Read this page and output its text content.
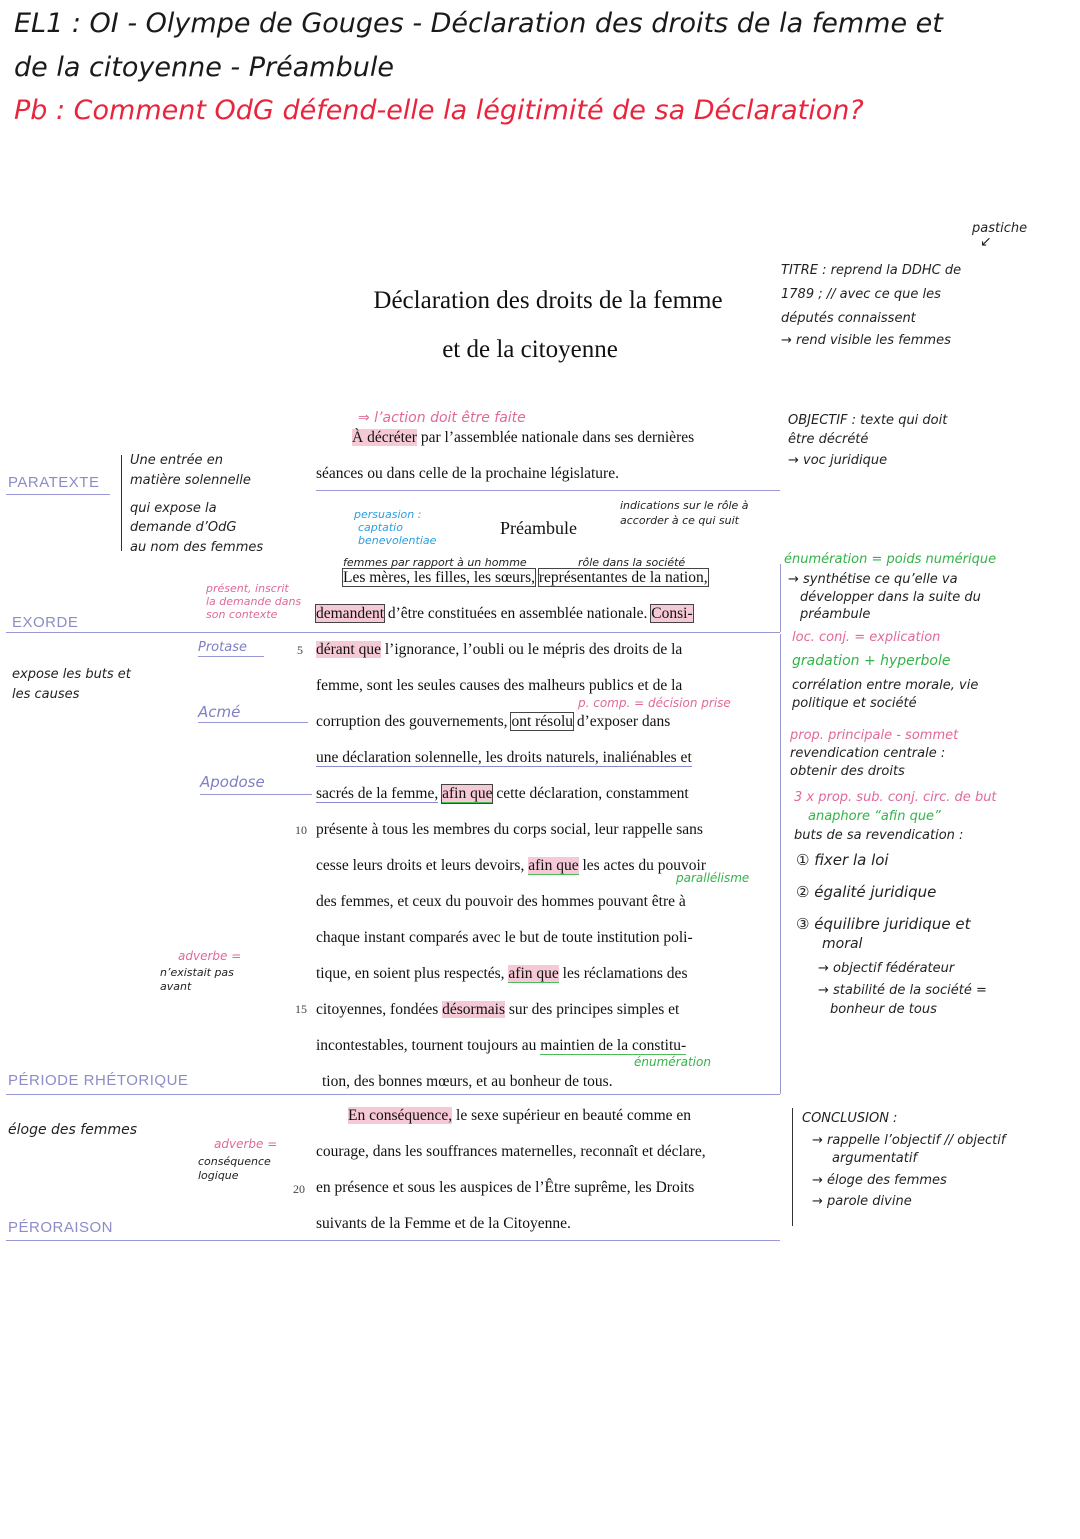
EL1 : OI - Olympe de Gouges - Déclaration des droits de la femme et
de la citoyenne - Préambule
Pb : Comment OdG défend-elle la légitimité de sa Déclaration?
Déclaration des droits de la femme
et de la citoyenne
pastiche
↙
TITRE : reprend la DDHC de
1789 ; // avec ce que les
députés connaissent
→ rend visible les femmes
⇒ l’action doit être faite
À décréter par l’assemblée nationale dans ses dernières
séances ou dans celle de la prochaine législature.
OBJECTIF : texte qui doit
être décrété
→ voc juridique
PARATEXTE
Une entrée en
matière solennelle
qui expose la
demande d’OdG
au nom des femmes
persuasion :
captatio
benevolentiae
Préambule
indications sur le rôle à
accorder à ce qui suit
femmes par rapport à un homme	rôle dans la société
Les mères, les filles, les sœurs, représentantes de la nation,
présent, inscrit
la demande dans
son contexte demandent d’être constituées en assemblée nationale. Consi-
EXORDE
expose les buts et
les causes
Protase	5 dérant que l’ignorance, l’oubli ou le mépris des droits de la
femme, sont les seules causes des malheurs publics et de la
Acmé	p. comp. = décision prise
corruption des gouvernements, ont résolu d’exposer dans
une déclaration solennelle, les droits naturels, inaliénables et
Apodose
sacrés de la femme, afin que cette déclaration, constamment
10 présente à tous les membres du corps social, leur rappelle sans
cesse leurs droits et leurs devoirs, afin que les actes du pouvoir
parallélisme
des femmes, et ceux du pouvoir des hommes pouvant être à
chaque instant comparés avec le but de toute institution poli-
adverbe =
n’existait pas
avant
tique, en soient plus respectés, afin que les réclamations des
15 citoyennes, fondées désormais sur des principes simples et
incontestables, tournent toujours au maintien de la constitu-
énumération
tion, des bonnes mœurs, et au bonheur de tous.
PÉRIODE RHÉTORIQUE
éloge des femmes
adverbe =
conséquence
logique
En conséquence, le sexe supérieur en beauté comme en
courage, dans les souffrances maternelles, reconnaît et déclare,
20 en présence et sous les auspices de l’Être suprême, les Droits
suivants de la Femme et de la Citoyenne.
PÉRORAISON
énumération = poids numérique
→ synthétise ce qu’elle va
développer dans la suite du
préambule
loc. conj. = explication
gradation + hyperbole
corrélation entre morale, vie
politique et société
prop. principale - sommet
revendication centrale :
obtenir des droits
3 x prop. sub. conj. circ. de but
anaphore “afin que”
buts de sa revendication :
① fixer la loi
② égalité juridique
③ équilibre juridique et
moral
→ objectif fédérateur
→ stabilité de la société =
bonheur de tous
CONCLUSION :
→ rappelle l’objectif // objectif
argumentatif
→ éloge des femmes
→ parole divine
